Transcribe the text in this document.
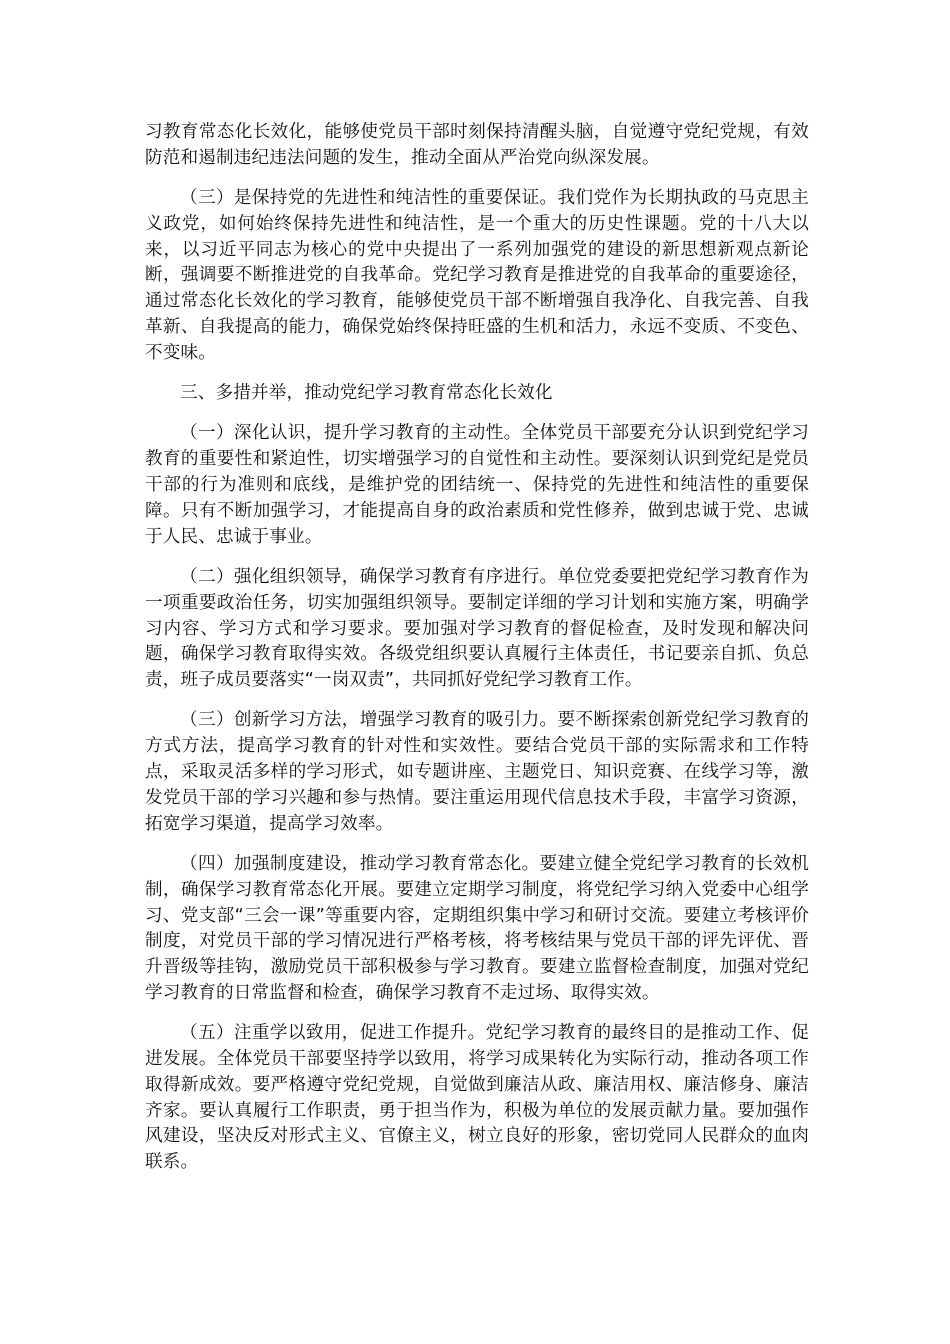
习教育常态化长效化，能够使党员干部时刻保持清醒头脑，自觉遵守党纪党规，有效防范和遏制违纪违法问题的发生，推动全面从严治党向纵深发展。

（三）是保持党的先进性和纯洁性的重要保证。我们党作为长期执政的马克思主义政党，如何始终保持先进性和纯洁性，是一个重大的历史性课题。党的十八大以来，以习近平同志为核心的党中央提出了一系列加强党的建设的新思想新观点新论断，强调要不断推进党的自我革命。党纪学习教育是推进党的自我革命的重要途径，通过常态化长效化的学习教育，能够使党员干部不断增强自我净化、自我完善、自我革新、自我提高的能力，确保党始终保持旺盛的生机和活力，永远不变质、不变色、不变味。

三、多措并举，推动党纪学习教育常态化长效化

（一）深化认识，提升学习教育的主动性。全体党员干部要充分认识到党纪学习教育的重要性和紧迫性，切实增强学习的自觉性和主动性。要深刻认识到党纪是党员干部的行为准则和底线，是维护党的团结统一、保持党的先进性和纯洁性的重要保障。只有不断加强学习，才能提高自身的政治素质和党性修养，做到忠诚于党、忠诚于人民、忠诚于事业。

（二）强化组织领导，确保学习教育有序进行。单位党委要把党纪学习教育作为一项重要政治任务，切实加强组织领导。要制定详细的学习计划和实施方案，明确学习内容、学习方式和学习要求。要加强对学习教育的督促检查，及时发现和解决问题，确保学习教育取得实效。各级党组织要认真履行主体责任，书记要亲自抓、负总责，班子成员要落实“一岗双责”，共同抓好党纪学习教育工作。

（三）创新学习方法，增强学习教育的吸引力。要不断探索创新党纪学习教育的方式方法，提高学习教育的针对性和实效性。要结合党员干部的实际需求和工作特点，采取灵活多样的学习形式，如专题讲座、主题党日、知识竞赛、在线学习等，激发党员干部的学习兴趣和参与热情。要注重运用现代信息技术手段，丰富学习资源，拓宽学习渠道，提高学习效率。

（四）加强制度建设，推动学习教育常态化。要建立健全党纪学习教育的长效机制，确保学习教育常态化开展。要建立定期学习制度，将党纪学习纳入党委中心组学习、党支部“三会一课”等重要内容，定期组织集中学习和研讨交流。要建立考核评价制度，对党员干部的学习情况进行严格考核，将考核结果与党员干部的评先评优、晋升晋级等挂钩，激励党员干部积极参与学习教育。要建立监督检查制度，加强对党纪学习教育的日常监督和检查，确保学习教育不走过场、取得实效。

（五）注重学以致用，促进工作提升。党纪学习教育的最终目的是推动工作、促进发展。全体党员干部要坚持学以致用，将学习成果转化为实际行动，推动各项工作取得新成效。要严格遵守党纪党规，自觉做到廉洁从政、廉洁用权、廉洁修身、廉洁齐家。要认真履行工作职责，勇于担当作为，积极为单位的发展贡献力量。要加强作风建设，坚决反对形式主义、官僚主义，树立良好的形象，密切党同人民群众的血肉联系。
